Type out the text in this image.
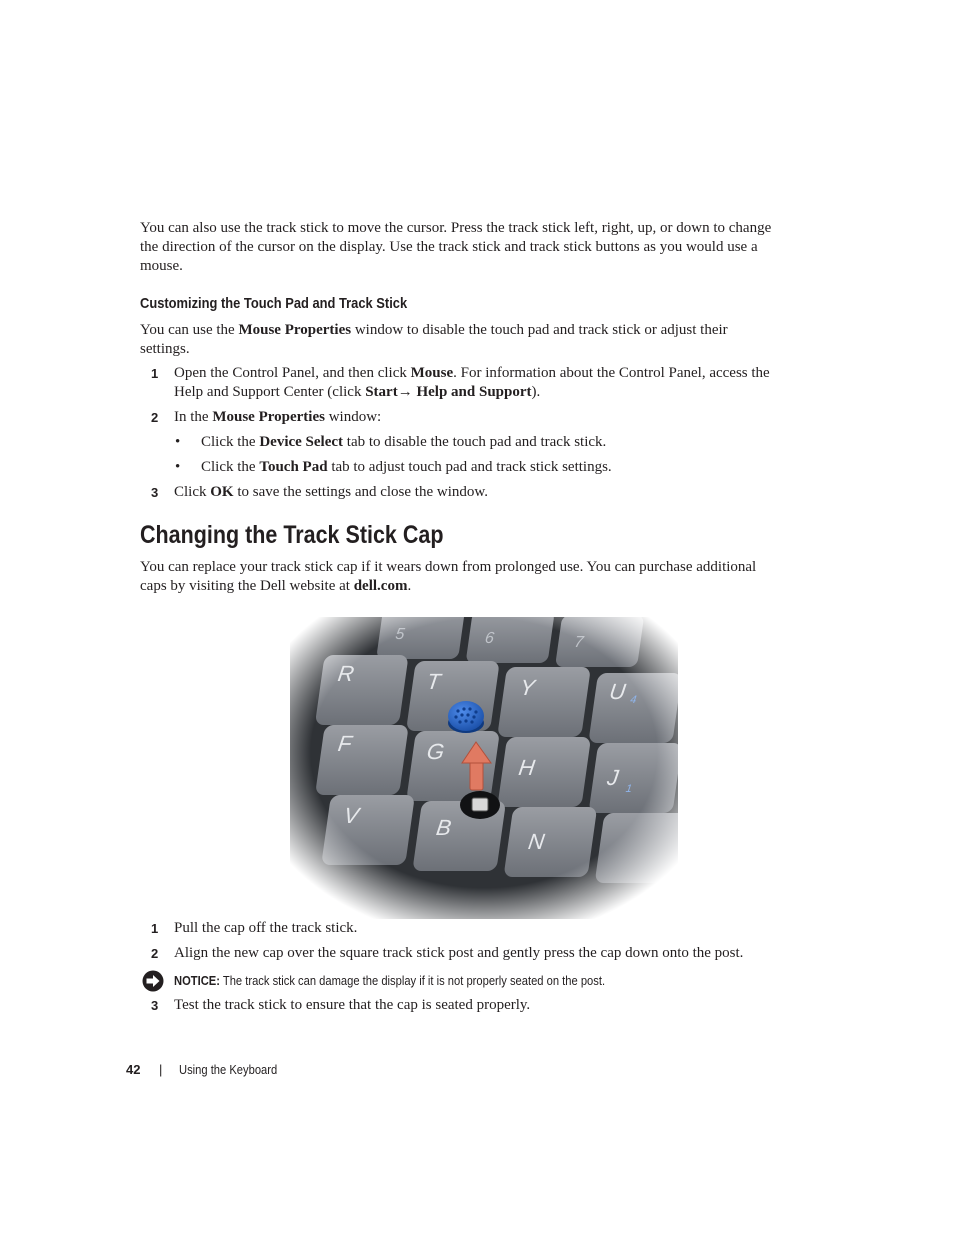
You can also use the track stick to move the cursor. Press the track stick left, right, up, or down to change
the direction of the cursor on the display. Use the track stick and track stick buttons as you would use a
mouse.
Customizing the Touch Pad and Track Stick
You can use the Mouse Properties window to disable the touch pad and track stick or adjust their
settings.
1 Open the Control Panel, and then click Mouse. For information about the Control Panel, access the
Help and Support Center (click Start→ Help and Support).
2 In the Mouse Properties window:
• Click the Device Select tab to disable the touch pad and track stick.
• Click the Touch Pad tab to adjust touch pad and track stick settings.
3 Click OK to save the settings and close the window.
Changing the Track Stick Cap
You can replace your track stick cap if it wears down from prolonged use. You can purchase additional
caps by visiting the Dell website at dell.com.
1 Pull the cap off the track stick.
2 Align the new cap over the square track stick post and gently press the cap down onto the post.
NOTICE: The track stick can damage the display if it is not properly seated on the post.
3 Test the track stick to ensure that the cap is seated properly.
42 | Using the Keyboard
